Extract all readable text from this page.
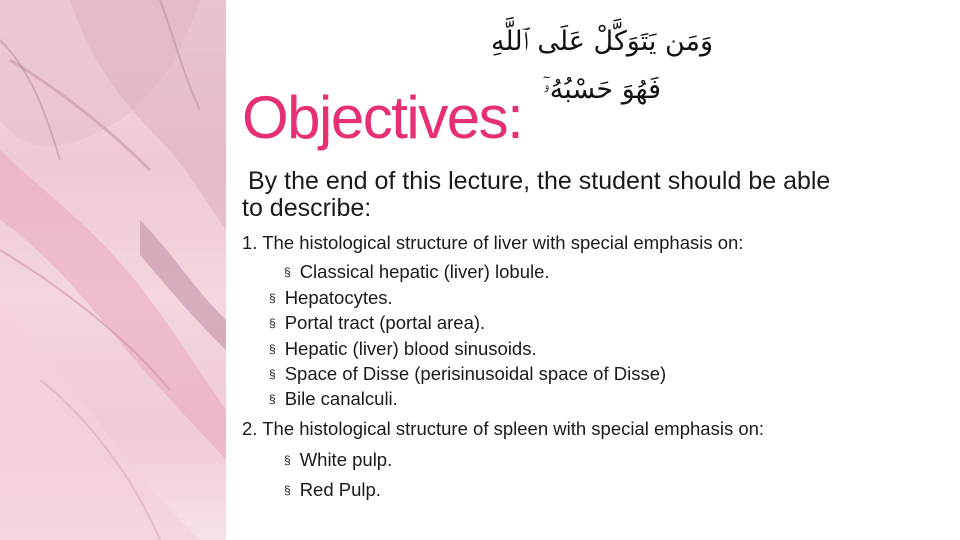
وَمَن يَتَوَكَّلْ عَلَى ٱللَّهِ فَهُوَ حَسْبُهُۥٓ
Objectives:
By the end of this lecture, the student should be able
to describe:
1. The histological structure of liver with special emphasis on:
§ Classical hepatic (liver) lobule.
§ Hepatocytes.
§ Portal tract (portal area).
§ Hepatic (liver) blood sinusoids.
§ Space of Disse (perisinusoidal space of Disse)
§ Bile canalculi.
2. The histological structure of spleen with special emphasis on:
§ White pulp.
§ Red Pulp.
